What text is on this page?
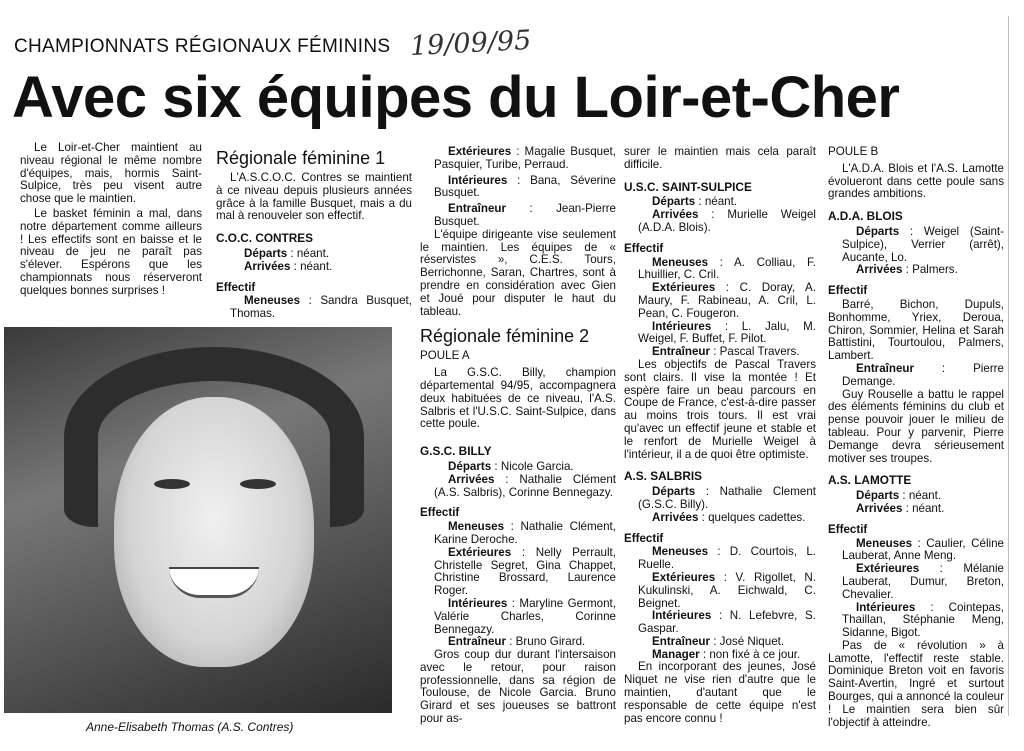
CHAMPIONNATS RÉGIONAUX FÉMININS 19/09/95
Avec six équipes du Loir-et-Cher

Le Loir-et-Cher maintient au niveau régional le même nombre d'équipes, mais, hormis Saint-Sulpice, très peu visent autre chose que le maintien.

Le basket féminin a mal, dans notre département comme ailleurs ! Les effectifs sont en baisse et le niveau de jeu ne paraît pas s'élever. Espérons que les championnats nous réserveront quelques bonnes surprises !

Régionale féminine 1

L'A.S.C.O.C. Contres se maintient à ce niveau depuis plusieurs années grâce à la famille Busquet, mais a du mal à renouveler son effectif.

C.O.C. CONTRES

Départs : néant.

Arrivées : néant.

Effectif

Meneuses : Sandra Busquet, Thomas.

Anne-Elisabeth Thomas (A.S. Contres)

Extérieures : Magalie Busquet, Pasquier, Turibe, Perraud.

Intérieures : Bana, Séverine Busquet.

Entraîneur : Jean-Pierre Busquet.

L'équipe dirigeante vise seulement le maintien. Les équipes de « réservistes », C.E.S. Tours, Berrichonne, Saran, Chartres, sont à prendre en considération avec Gien et Joué pour disputer le haut du tableau.

Régionale féminine 2
POULE A

La G.S.C. Billy, champion départemental 94/95, accompagnera deux habituées de ce niveau, l'A.S. Salbris et l'U.S.C. Saint-Sulpice, dans cette poule.

G.S.C. BILLY

Départs : Nicole Garcia.

Arrivées : Nathalie Clément (A.S. Salbris), Corinne Bennegazy.

Effectif

Meneuses : Nathalie Clément, Karine Deroche.

Extérieures : Nelly Perrault, Christelle Segret, Gina Chappet, Christine Brossard, Laurence Roger.

Intérieures : Maryline Germont, Valérie Charles, Corinne Bennegazy.

Entraîneur : Bruno Girard.

Gros coup dur durant l'intersaison avec le retour, pour raison professionnelle, dans sa région de Toulouse, de Nicole Garcia. Bruno Girard et ses joueuses se battront pour as-

surer le maintien mais cela paraît difficile.

U.S.C. SAINT-SULPICE

Départs : néant.

Arrivées : Murielle Weigel (A.D.A. Blois).

Effectif

Meneuses : A. Colliau, F. Lhuillier, C. Cril.

Extérieures : C. Doray, A. Maury, F. Rabineau, A. Cril, L. Pean, C. Fougeron.

Intérieures : L. Jalu, M. Weigel, F. Buffet, F. Pilot.

Entraîneur : Pascal Travers.

Les objectifs de Pascal Travers sont clairs. Il vise la montée ! Et espère faire un beau parcours en Coupe de France, c'est-à-dire passer au moins trois tours. Il est vrai qu'avec un effectif jeune et stable et le renfort de Murielle Weigel à l'intérieur, il a de quoi être optimiste.

A.S. SALBRIS

Départs : Nathalie Clement (G.S.C. Billy).

Arrivées : quelques cadettes.

Effectif

Meneuses : D. Courtois, L. Ruelle.

Extérieures : V. Rigollet, N. Kukulinski, A. Eichwald, C. Beignet.

Intérieures : N. Lefebvre, S. Gaspar.

Entraîneur : José Niquet.

Manager : non fixé à ce jour.

En incorporant des jeunes, José Niquet ne vise rien d'autre que le maintien, d'autant que le responsable de cette équipe n'est pas encore connu !

POULE B

L'A.D.A. Blois et l'A.S. Lamotte évolueront dans cette poule sans grandes ambitions.

A.D.A. BLOIS

Départs : Weigel (Saint-Sulpice), Verrier (arrêt), Aucante, Lo.

Arrivées : Palmers.

Effectif

Barré, Bichon, Dupuls, Bonhomme, Yriex, Deroua, Chiron, Sommier, Helina et Sarah Battistini, Tourtoulou, Palmers, Lambert.

Entraîneur : Pierre Demange.

Guy Rouselle a battu le rappel des éléments féminins du club et pense pouvoir jouer le milieu de tableau. Pour y parvenir, Pierre Demange devra sérieusement motiver ses troupes.

A.S. LAMOTTE

Départs : néant.

Arrivées : néant.

Effectif

Meneuses : Caulier, Céline Lauberat, Anne Meng.

Extérieures : Mélanie Lauberat, Dumur, Breton, Chevalier.

Intérieures : Cointepas, Thaillan, Stéphanie Meng, Sidanne, Bigot.

Pas de « révolution » à Lamotte, l'effectif reste stable. Dominique Breton voit en favoris Saint-Avertin, Ingré et surtout Bourges, qui a annoncé la couleur ! Le maintien sera bien sûr l'objectif à atteindre.
